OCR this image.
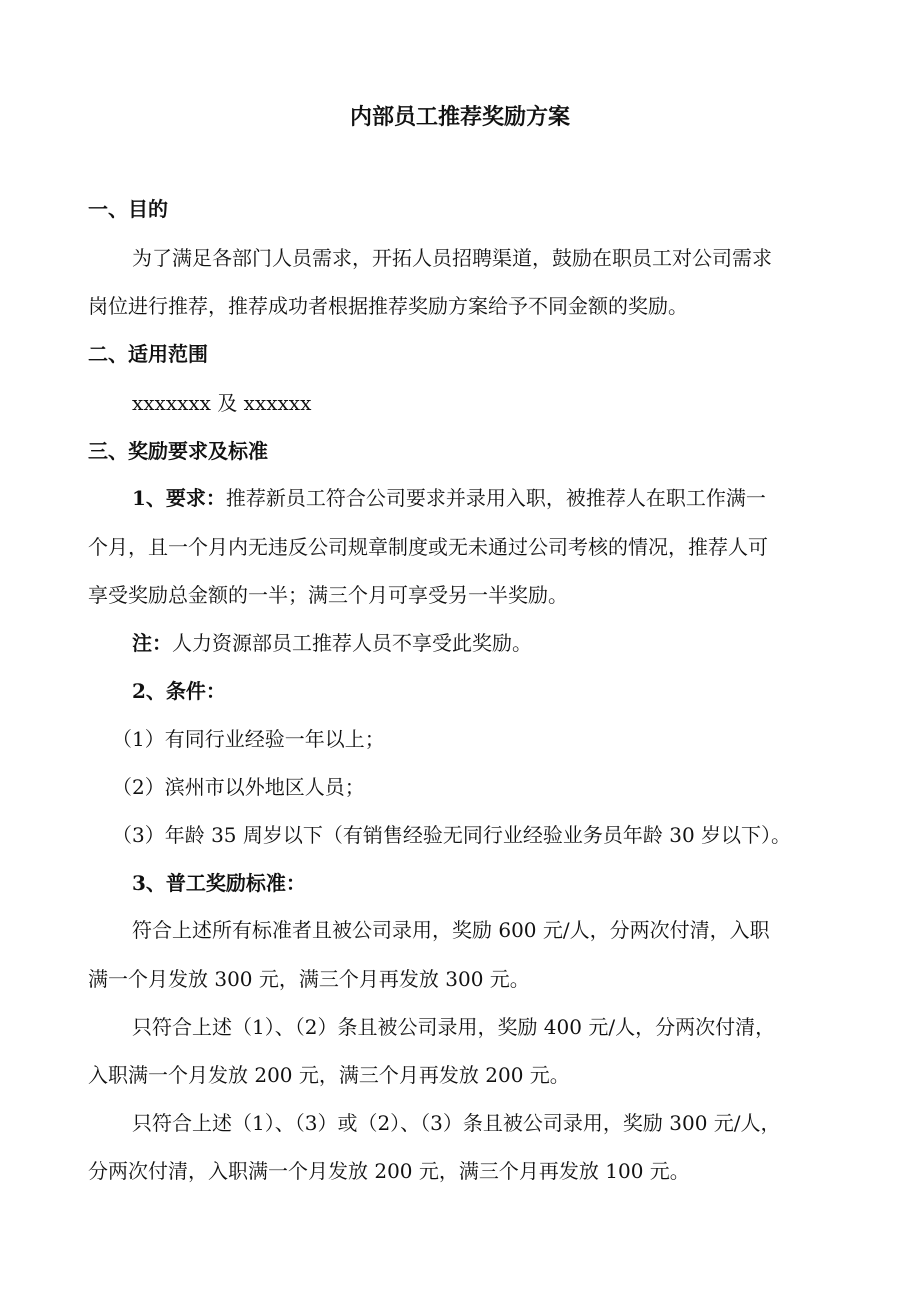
内部员工推荐奖励方案
一、目的
为了满足各部门人员需求，开拓人员招聘渠道，鼓励在职员工对公司需求
岗位进行推荐，推荐成功者根据推荐奖励方案给予不同金额的奖励。
二、适用范围
xxxxxxx 及 xxxxxx
三、奖励要求及标准
1、要求：推荐新员工符合公司要求并录用入职，被推荐人在职工作满一
个月，且一个月内无违反公司规章制度或无未通过公司考核的情况，推荐人可
享受奖励总金额的一半；满三个月可享受另一半奖励。
注：人力资源部员工推荐人员不享受此奖励。
2、条件：
（1）有同行业经验一年以上；
（2）滨州市以外地区人员；
（3）年龄 35 周岁以下（有销售经验无同行业经验业务员年龄 30 岁以下）。
3、普工奖励标准：
符合上述所有标准者且被公司录用，奖励 600 元/人，分两次付清，入职
满一个月发放 300 元，满三个月再发放 300 元。
只符合上述（1）、（2）条且被公司录用，奖励 400 元/人，分两次付清，
入职满一个月发放 200 元，满三个月再发放 200 元。
只符合上述（1）、（3）或（2）、（3）条且被公司录用，奖励 300 元/人，
分两次付清，入职满一个月发放 200 元，满三个月再发放 100 元。
